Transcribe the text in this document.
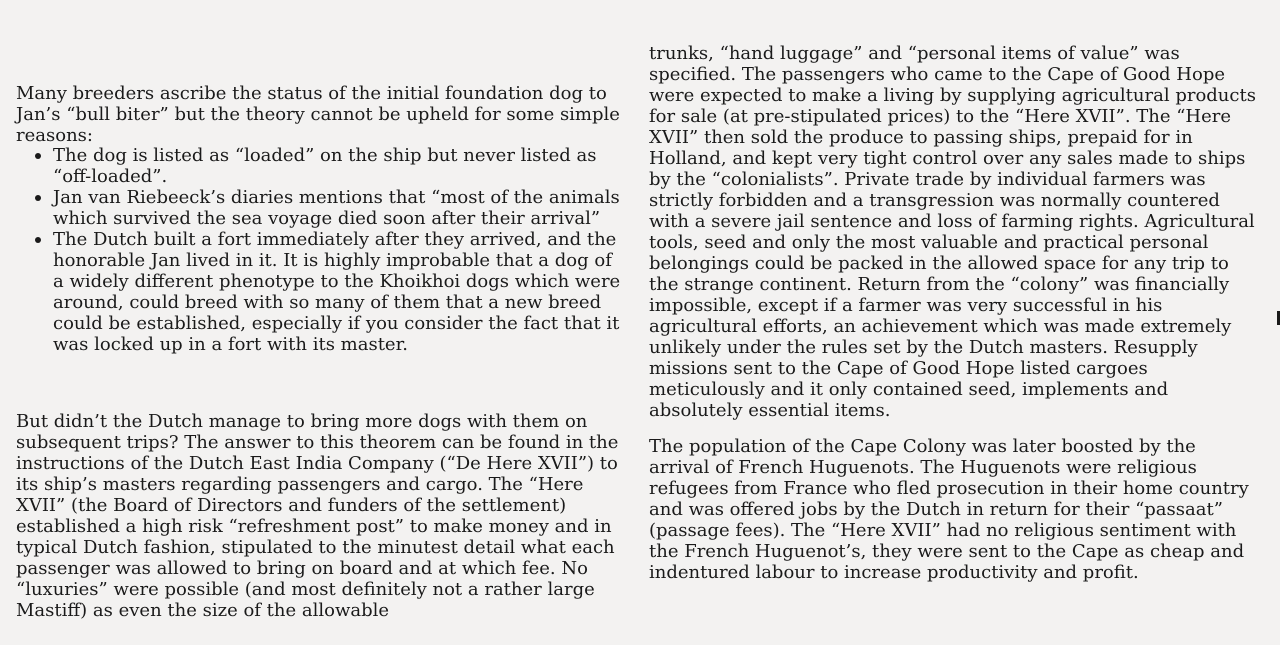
Many breeders ascribe the status of the initial foundation dog to Jan’s “bull biter” but the theory cannot be upheld for some simple reasons:

The dog is listed as “loaded” on the ship but never listed as “off-loaded”.
Jan van Riebeeck’s diaries mentions that “most of the animals which survived the sea voyage died soon after their arrival”
The Dutch built a fort immediately after they arrived, and the honorable Jan lived in it. It is highly improbable that a dog of a widely different phenotype to the Khoikhoi dogs which were around, could breed with so many of them that a new breed could be established, especially if you consider the fact that it was locked up in a fort with its master.

But didn’t the Dutch manage to bring more dogs with them on subsequent trips? The answer to this theorem can be found in the instructions of the Dutch East India Company (“De Here XVII”) to its ship’s masters regarding passengers and cargo. The “Here XVII” (the Board of Directors and funders of the settlement) established a high risk “refreshment post” to make money and in typical Dutch fashion, stipulated to the minutest detail what each passenger was allowed to bring on board and at which fee. No “luxuries” were possible (and most definitely not a rather large Mastiff) as even the size of the allowable

trunks, “hand luggage” and “personal items of value” was specified. The passengers who came to the Cape of Good Hope were expected to make a living by supplying agricultural products for sale (at pre-stipulated prices) to the “Here XVII”. The “Here XVII” then sold the produce to passing ships, prepaid for in Holland, and kept very tight control over any sales made to ships by the “colonialists”. Private trade by individual farmers was strictly forbidden and a transgression was normally countered with a severe jail sentence and loss of farming rights. Agricultural tools, seed and only the most valuable and practical personal belongings could be packed in the allowed space for any trip to the strange continent. Return from the “colony” was financially impossible, except if a farmer was very successful in his agricultural efforts, an achievement which was made extremely unlikely under the rules set by the Dutch masters. Resupply missions sent to the Cape of Good Hope listed cargoes meticulously and it only contained seed, implements and absolutely essential items.

The population of the Cape Colony was later boosted by the arrival of French Huguenots. The Huguenots were religious refugees from France who fled prosecution in their home country and was offered jobs by the Dutch in return for their “passaat” (passage fees). The “Here XVII” had no religious sentiment with the French Huguenot’s, they were sent to the Cape as cheap and indentured labour to increase productivity and profit.
